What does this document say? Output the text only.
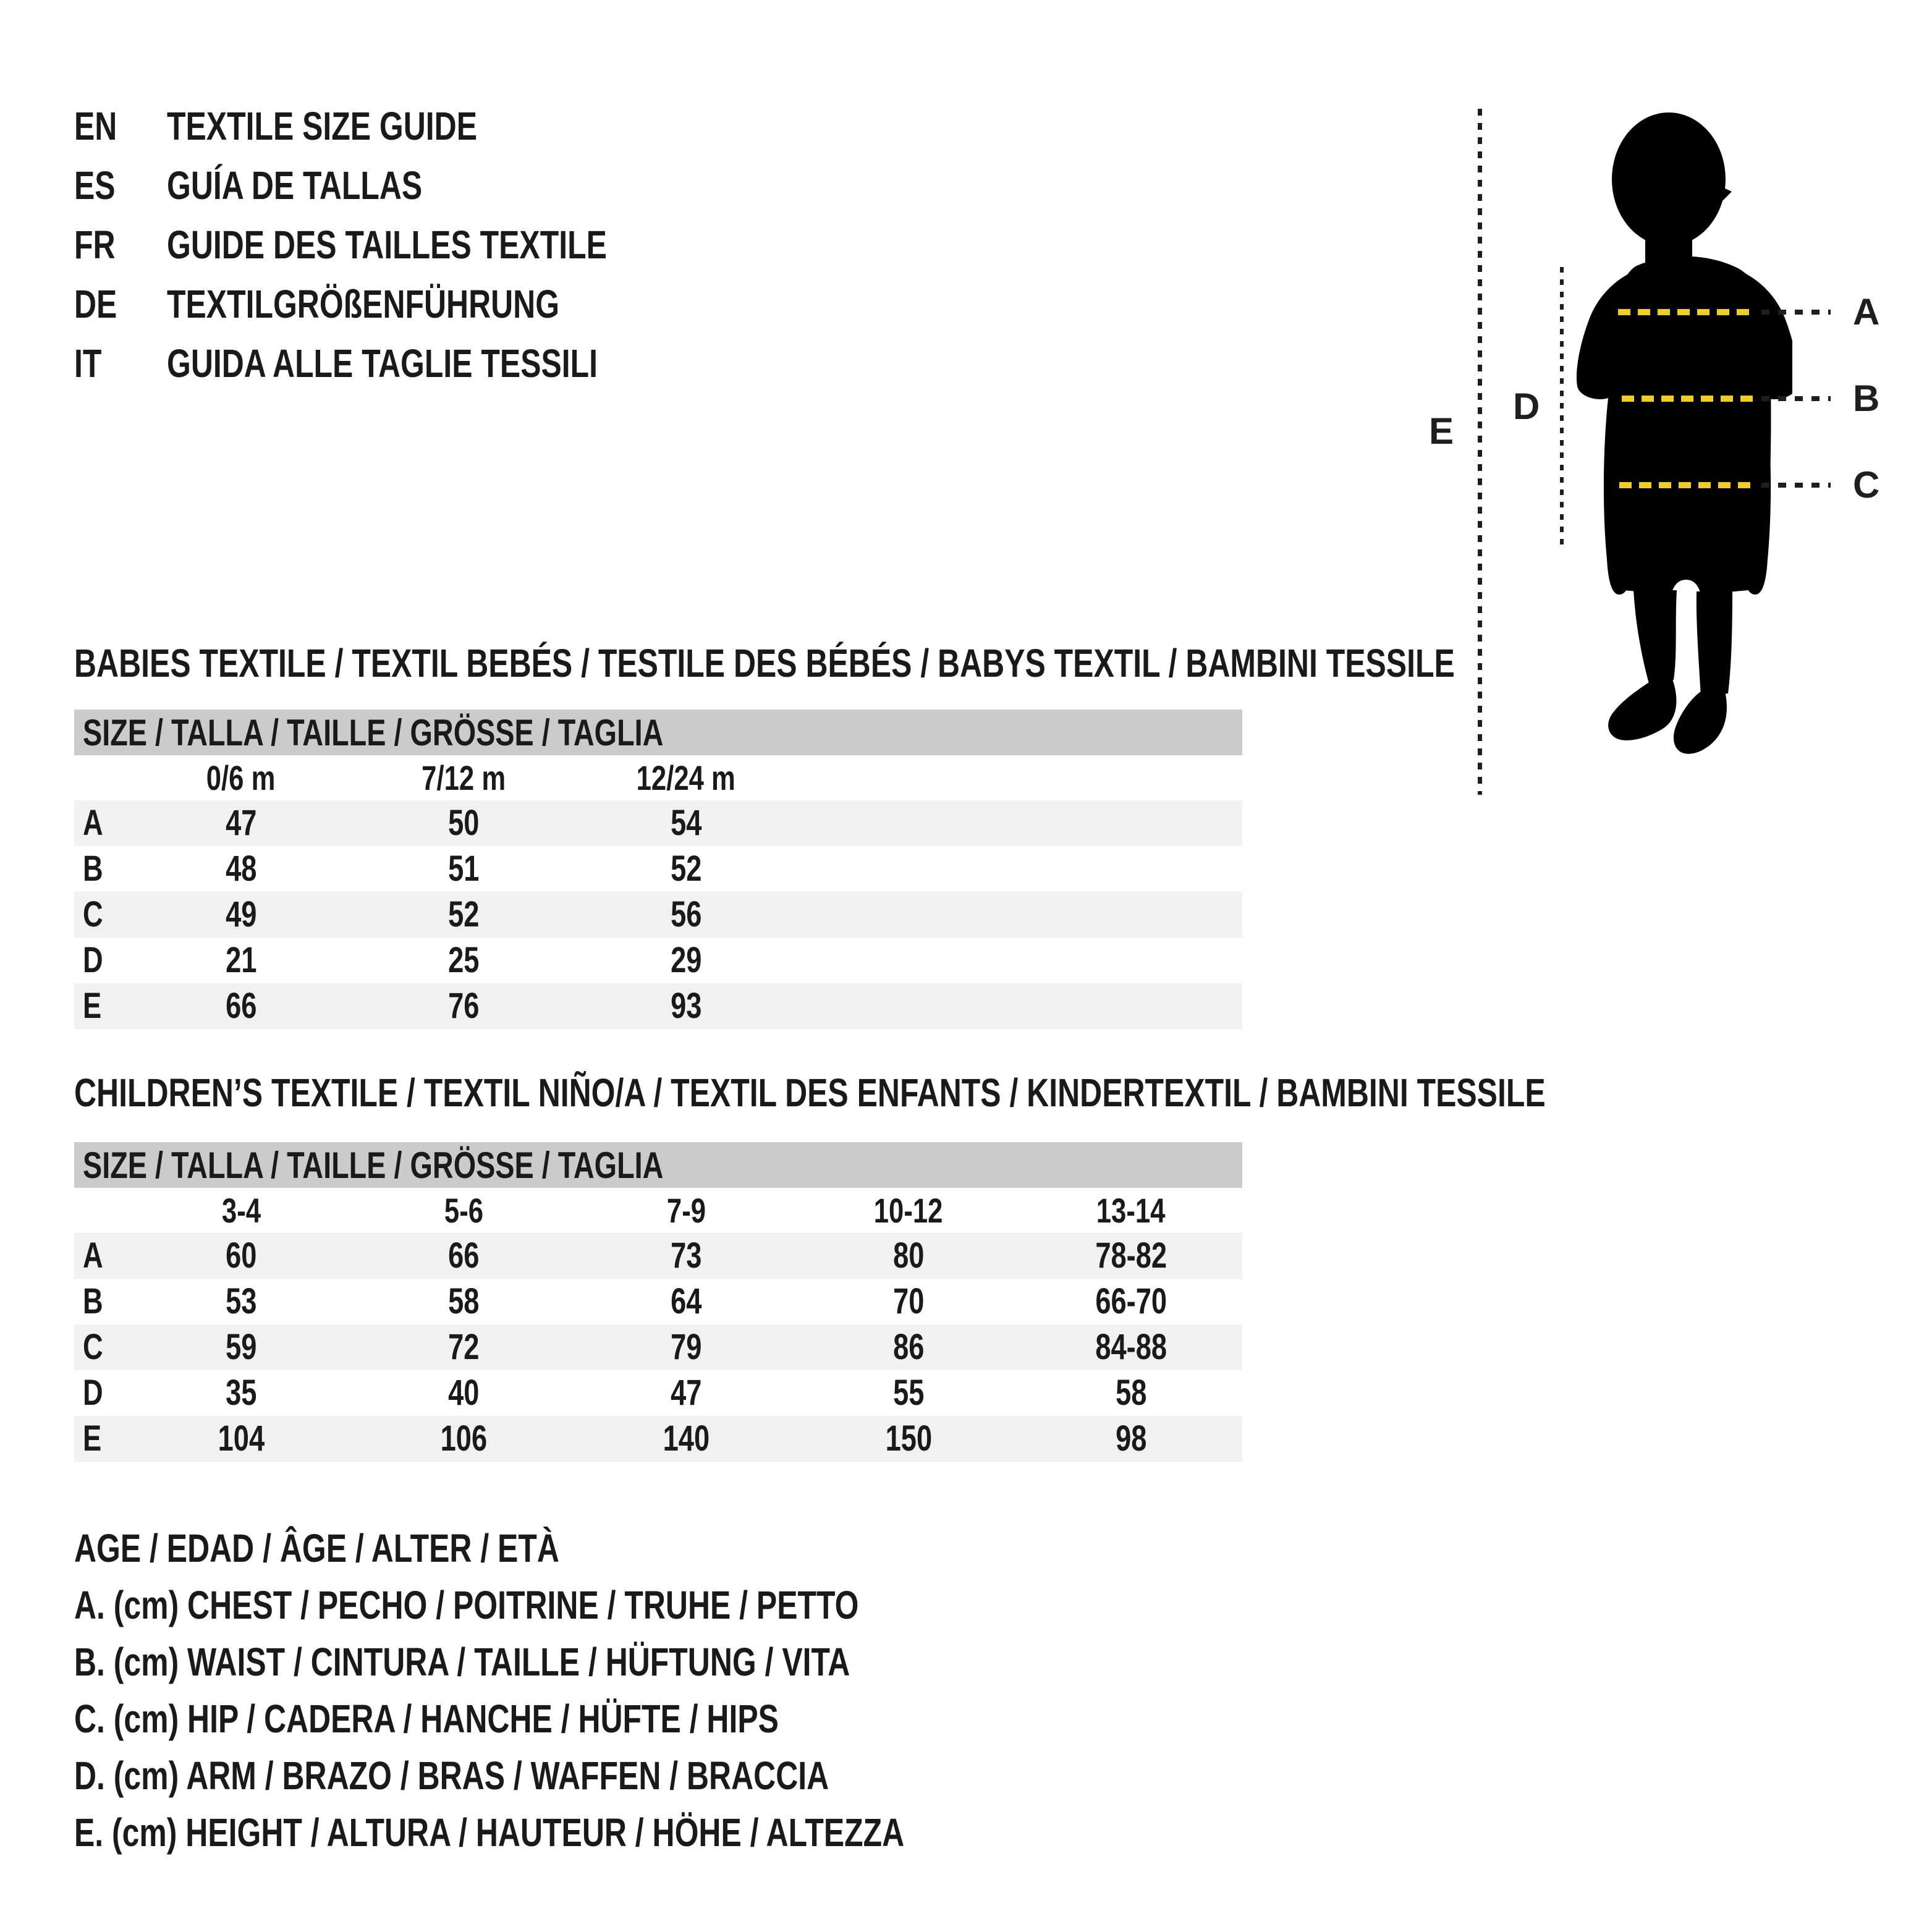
EN	TEXTILE SIZE GUIDE
ES GUÍA DE TALLAS
FR GUIDE DES TAILLES TEXTILE
DE	TEXTILGRÖßENFÜHRUNG
IT GUIDA ALLE TAGLIE TESSILI
E
D
A
B
C
BABIES TEXTILE / TEXTIL BEBÉS / TESTILE DES BÉBÉS / BABYS TEXTIL / BAMBINI TESSILE
SIZE / TALLA / TAILLE / GRÖSSE / TAGLIA
0/6 m	7/12 m	12/24 m
A	47	50	54
B	48	51	52
C	49	52	56
D	21	25	29
E	66	76	93
CHILDREN’S TEXTILE / TEXTIL NIÑO/A / TEXTIL DES ENFANTS / KINDERTEXTIL / BAMBINI TESSILE
SIZE / TALLA / TAILLE / GRÖSSE / TAGLIA
3-4	5-6	7-9	10-12	13-14
A	60	66	73	80	78-82
B	53	58	64	70	66-70
C	59	72	79	86	84-88
D	35	40	47	55	58
E	104	106	140	150	98
AGE / EDAD / ÂGE / ALTER / ETÀ
A. (cm) CHEST / PECHO / POITRINE / TRUHE / PETTO
B. (cm) WAIST / CINTURA / TAILLE / HÜFTUNG / VITA
C. (cm) HIP / CADERA / HANCHE / HÜFTE / HIPS
D. (cm) ARM / BRAZO / BRAS / WAFFEN / BRACCIA
E. (cm) HEIGHT / ALTURA / HAUTEUR / HÖHE / ALTEZZA
